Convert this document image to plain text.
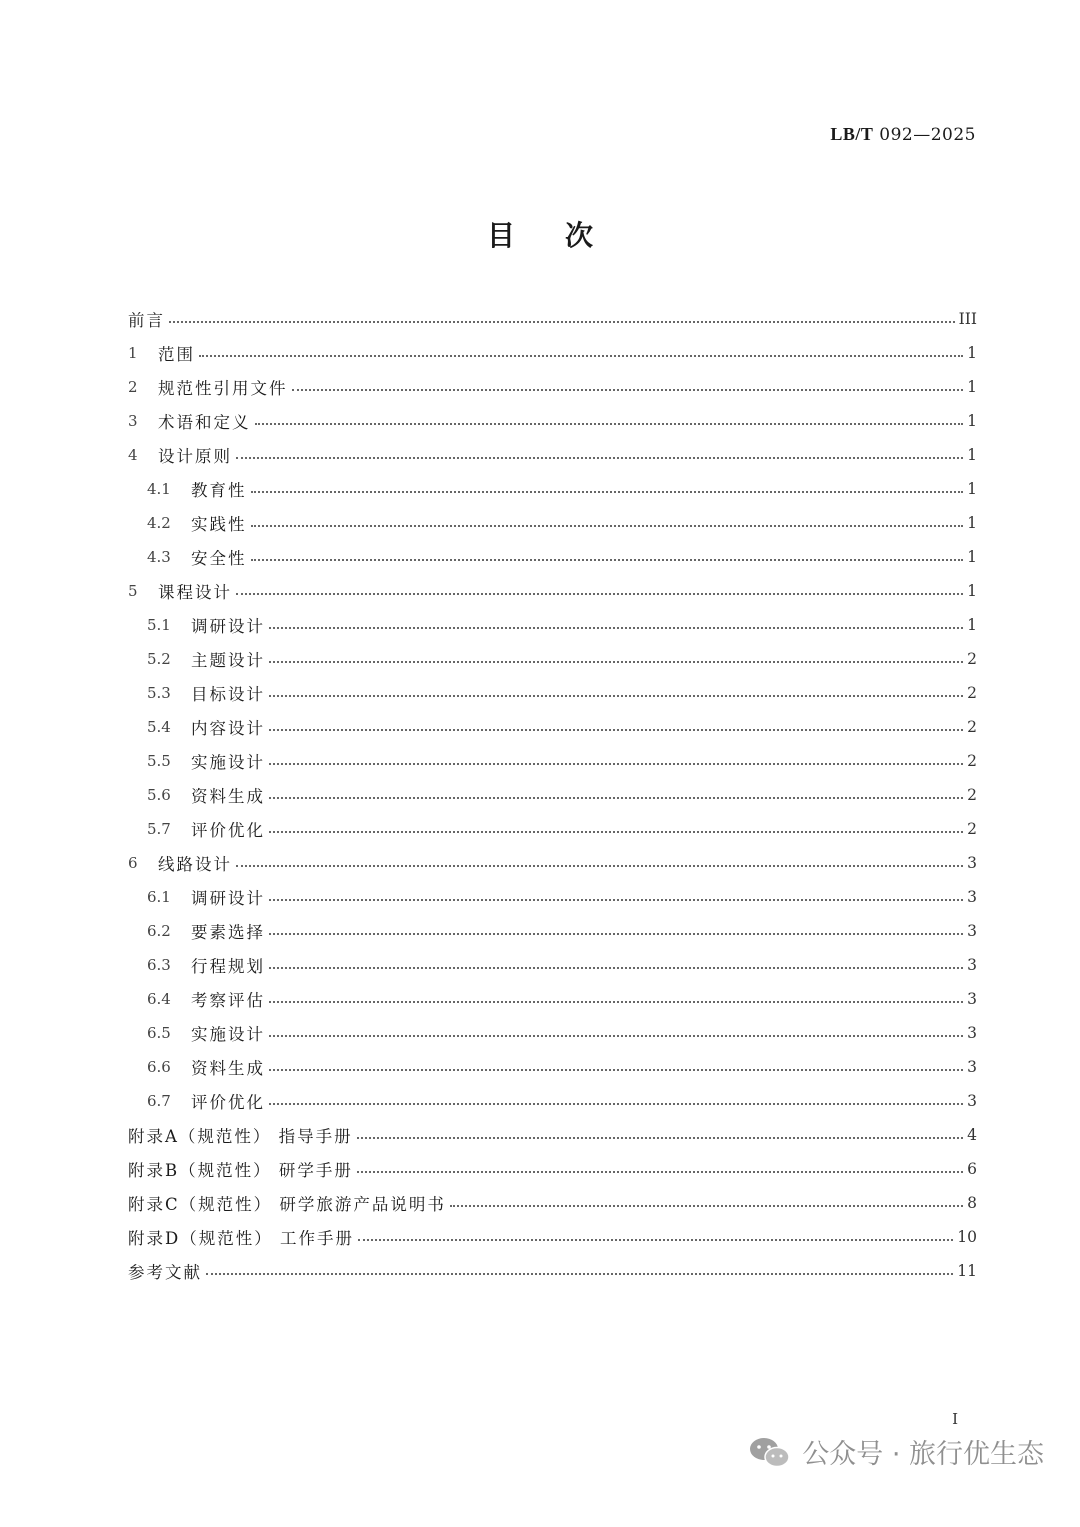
LB/T 092—2025
目次
前言	III
1	范围	1
2	规范性引用文件	1
3	术语和定义	1
4	设计原则	1
4.1	教育性	1
4.2	实践性	1
4.3	安全性	1
5	课程设计	1
5.1	调研设计	1
5.2	主题设计	2
5.3	目标设计	2
5.4	内容设计	2
5.5	实施设计	2
5.6	资料生成	2
5.7	评价优化	2
6	线路设计	3
6.1	调研设计	3
6.2	要素选择	3
6.3	行程规划	3
6.4	考察评估	3
6.5	实施设计	3
6.6	资料生成	3
6.7	评价优化	3
附录A（规范性） 指导手册	4
附录B（规范性） 研学手册	6
附录C（规范性） 研学旅游产品说明书	8
附录D（规范性） 工作手册	10
参考文献	11
I
公众号 · 旅行优生态
